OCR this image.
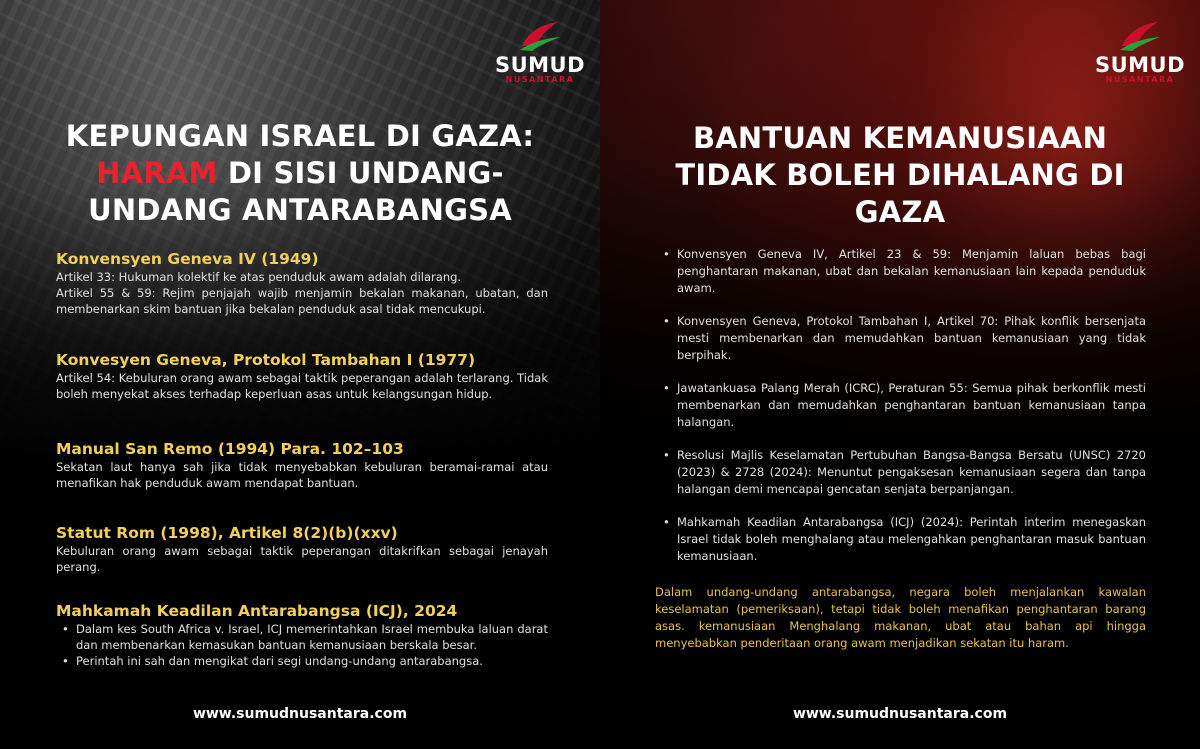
SUMUD
NUSANTARA
KEPUNGAN ISRAEL DI GAZA:
HARAM DI SISI UNDANG-
UNDANG ANTARABANGSA
Konvensyen Geneva IV (1949)
Artikel 33: Hukuman kolektif ke atas penduduk awam adalah dilarang.
Artikel 55 & 59: Rejim penjajah wajib menjamin bekalan makanan, ubatan, dan membenarkan skim bantuan jika bekalan penduduk asal tidak mencukupi.
Konvesyen Geneva, Protokol Tambahan I (1977)
Artikel 54: Kebuluran orang awam sebagai taktik peperangan adalah terlarang. Tidak boleh menyekat akses terhadap keperluan asas untuk kelangsungan hidup.
Manual San Remo (1994) Para. 102–103
Sekatan laut hanya sah jika tidak menyebabkan kebuluran beramai-ramai atau menafikan hak penduduk awam mendapat bantuan.
Statut Rom (1998), Artikel 8(2)(b)(xxv)
Kebuluran orang awam sebagai taktik peperangan ditakrifkan sebagai jenayah perang.
Mahkamah Keadilan Antarabangsa (ICJ), 2024
• Dalam kes South Africa v. Israel, ICJ memerintahkan Israel membuka laluan darat dan membenarkan kemasukan bantuan kemanusiaan berskala besar.
• Perintah ini sah dan mengikat dari segi undang-undang antarabangsa.
www.sumudnusantara.com
SUMUD
NUSANTARA
BANTUAN KEMANUSIAAN
TIDAK BOLEH DIHALANG DI GAZA
• Konvensyen Geneva IV, Artikel 23 & 59: Menjamin laluan bebas bagi penghantaran makanan, ubat dan bekalan kemanusiaan lain kepada penduduk awam.
• Konvensyen Geneva, Protokol Tambahan I, Artikel 70: Pihak konflik bersenjata mesti membenarkan dan memudahkan bantuan kemanusiaan yang tidak berpihak.
• Jawatankuasa Palang Merah (ICRC), Peraturan 55: Semua pihak berkonflik mesti membenarkan dan memudahkan penghantaran bantuan kemanusiaan tanpa halangan.
• Resolusi Majlis Keselamatan Pertubuhan Bangsa-Bangsa Bersatu (UNSC) 2720 (2023) & 2728 (2024): Menuntut pengaksesan kemanusiaan segera dan tanpa halangan demi mencapai gencatan senjata berpanjangan.
• Mahkamah Keadilan Antarabangsa (ICJ) (2024): Perintah interim menegaskan Israel tidak boleh menghalang atau melengahkan penghantaran masuk bantuan kemanusiaan.
Dalam undang-undang antarabangsa, negara boleh menjalankan kawalan keselamatan (pemeriksaan), tetapi tidak boleh menafikan penghantaran barang asas. kemanusiaan Menghalang makanan, ubat atau bahan api hingga menyebabkan penderitaan orang awam menjadikan sekatan itu haram.
www.sumudnusantara.com
